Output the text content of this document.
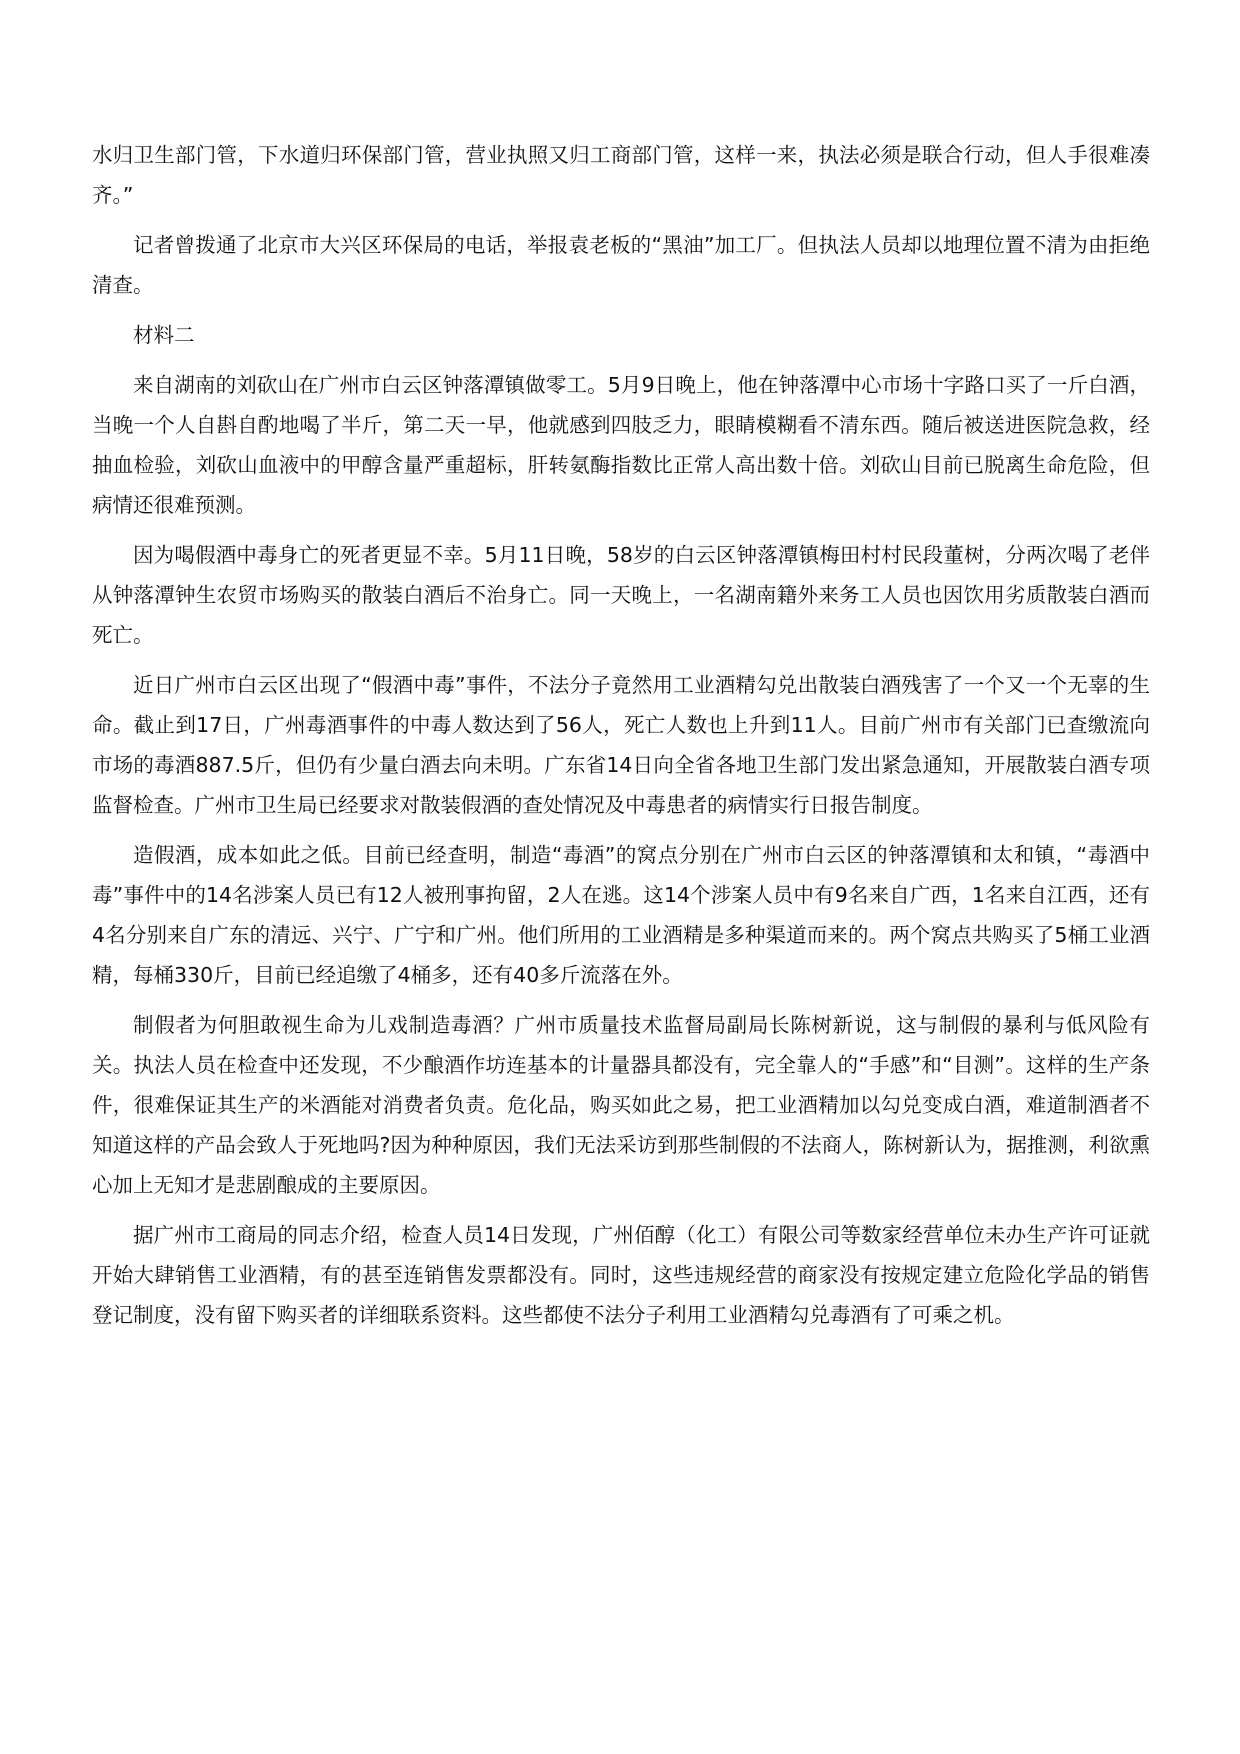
水归卫生部门管，下水道归环保部门管，营业执照又归工商部门管，这样一来，执法必须是联合行动，但人手很难凑齐。”

记者曾拨通了北京市大兴区环保局的电话，举报袁老板的“黑油”加工厂。但执法人员却以地理位置不清为由拒绝清查。

材料二

来自湖南的刘砍山在广州市白云区钟落潭镇做零工。5月9日晚上，他在钟落潭中心市场十字路口买了一斤白酒，当晚一个人自斟自酌地喝了半斤，第二天一早，他就感到四肢乏力，眼睛模糊看不清东西。随后被送进医院急救，经抽血检验，刘砍山血液中的甲醇含量严重超标，肝转氨酶指数比正常人高出数十倍。刘砍山目前已脱离生命危险，但病情还很难预测。

因为喝假酒中毒身亡的死者更显不幸。5月11日晚，58岁的白云区钟落潭镇梅田村村民段董树，分两次喝了老伴从钟落潭钟生农贸市场购买的散装白酒后不治身亡。同一天晚上，一名湖南籍外来务工人员也因饮用劣质散装白酒而死亡。

近日广州市白云区出现了“假酒中毒”事件，不法分子竟然用工业酒精勾兑出散装白酒残害了一个又一个无辜的生命。截止到17日，广州毒酒事件的中毒人数达到了56人，死亡人数也上升到11人。目前广州市有关部门已查缴流向市场的毒酒887.5斤，但仍有少量白酒去向未明。广东省14日向全省各地卫生部门发出紧急通知，开展散装白酒专项监督检查。广州市卫生局已经要求对散装假酒的查处情况及中毒患者的病情实行日报告制度。

造假酒，成本如此之低。目前已经查明，制造“毒酒”的窝点分别在广州市白云区的钟落潭镇和太和镇，“毒酒中毒”事件中的14名涉案人员已有12人被刑事拘留，2人在逃。这14个涉案人员中有9名来自广西，1名来自江西，还有4名分别来自广东的清远、兴宁、广宁和广州。他们所用的工业酒精是多种渠道而来的。两个窝点共购买了5桶工业酒精，每桶330斤，目前已经追缴了4桶多，还有40多斤流落在外。

制假者为何胆敢视生命为儿戏制造毒酒？广州市质量技术监督局副局长陈树新说，这与制假的暴利与低风险有关。执法人员在检查中还发现，不少酿酒作坊连基本的计量器具都没有，完全靠人的“手感”和“目测”。这样的生产条件，很难保证其生产的米酒能对消费者负责。危化品，购买如此之易，把工业酒精加以勾兑变成白酒，难道制酒者不知道这样的产品会致人于死地吗?因为种种原因，我们无法采访到那些制假的不法商人，陈树新认为，据推测，利欲熏心加上无知才是悲剧酿成的主要原因。

据广州市工商局的同志介绍，检查人员14日发现，广州佰醇（化工）有限公司等数家经营单位未办生产许可证就开始大肆销售工业酒精，有的甚至连销售发票都没有。同时，这些违规经营的商家没有按规定建立危险化学品的销售登记制度，没有留下购买者的详细联系资料。这些都使不法分子利用工业酒精勾兑毒酒有了可乘之机。
